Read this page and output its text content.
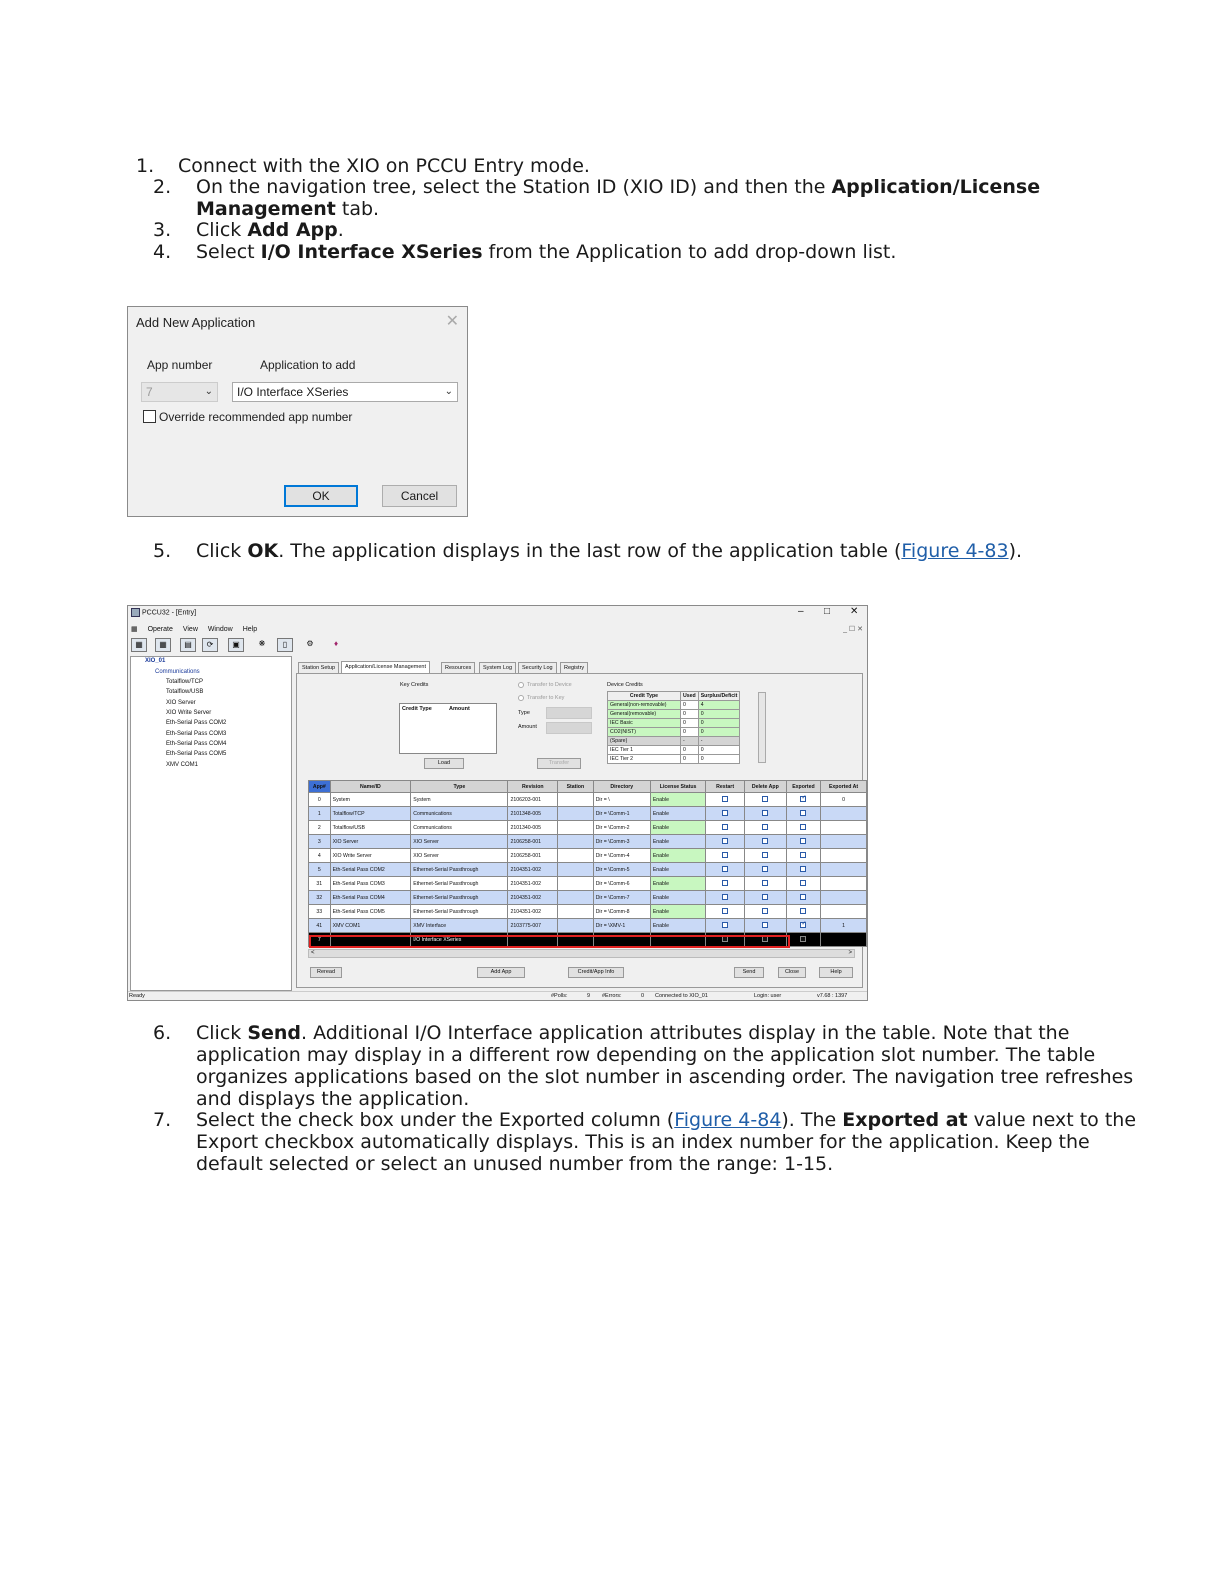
1.	Connect with the XIO on PCCU Entry mode.
2.	On the navigation tree, select the Station ID (XIO ID) and then the Application/License
Management tab.
3.	Click Add App.
4.	Select I/O Interface XSeries from the Application to add drop-down list.
Add New Application	✕
App number	Application to add
7	⌄	I/O Interface XSeries	⌄
Override recommended app number
OK	Cancel
5.	Click OK. The application displays in the last row of the application table (Figure 4-83).
PCCU32 - [Entry]	– □ ✕
▦ Operate View Window Help	_ ☐ ✕
▦	▦	▤	⟳	▣	❋	▯	⚙	♦
XIO_01
Communications
Totalflow/TCP
Totalflow/USB
XIO Server
XIO Write Server
Eth-Serial Pass COM2
Eth-Serial Pass COM3
Eth-Serial Pass COM4
Eth-Serial Pass COM5
XMV COM1
Station Setup	Application/License Management	Resources	System Log	Security Log	Registry
Key Credits
Credit Type	Amount
Load
Transfer to Device
Transfer to Key
Type
Amount
Transfer
Device Credits
Credit Type	Used	Surplus/Deficit
General(non-removable)	0	4
General(removable)	0	0
IEC Basic	0	0
CO2(NIST)	0	0
(Spare)	-	-
IEC Tier 1	0	0
IEC Tier 2	0	0
App#	Name/ID	Type	Revision	Station	Directory	License Status	Restart	Delete App	Exported	Exported At
0	System	System	2106203-001		Dir = \	Enable			✓	0
1	Totalflow/TCP	Communications	2101348-005		Dir = \Comm-1	Enable				
2	Totalflow/USB	Communications	2101340-005		Dir = \Comm-2	Enable				
3	XIO Server	XIO Server	2106258-001		Dir = \Comm-3	Enable				
4	XIO Write Server	XIO Server	2106258-001		Dir = \Comm-4	Enable				
5	Eth-Serial Pass COM2	Ethernet-Serial Passthrough	2104351-002		Dir = \Comm-5	Enable				
31	Eth-Serial Pass COM3	Ethernet-Serial Passthrough	2104351-002		Dir = \Comm-6	Enable				
32	Eth-Serial Pass COM4	Ethernet-Serial Passthrough	2104351-002		Dir = \Comm-7	Enable				
33	Eth-Serial Pass COM5	Ethernet-Serial Passthrough	2104351-002		Dir = \Comm-8	Enable				
41	XMV COM1	XMV Interface	2103775-007		Dir = \XMV-1	Enable			✓	1
7		I/O Interface XSeries								
<	>
Reread	Add App	Credit/App Info	Send	Close	Help
Ready	#Polls:	9 #Errors:	0 Connected to XIO_01	Login: user	v7.68 : 1397
6.	Click Send. Additional I/O Interface application attributes display in the table. Note that the
application may display in a different row depending on the application slot number. The table
organizes applications based on the slot number in ascending order. The navigation tree refreshes
and displays the application.
7.	Select the check box under the Exported column (Figure 4-84). The Exported at value next to the
Export checkbox automatically displays. This is an index number for the application. Keep the
default selected or select an unused number from the range: 1-15.
